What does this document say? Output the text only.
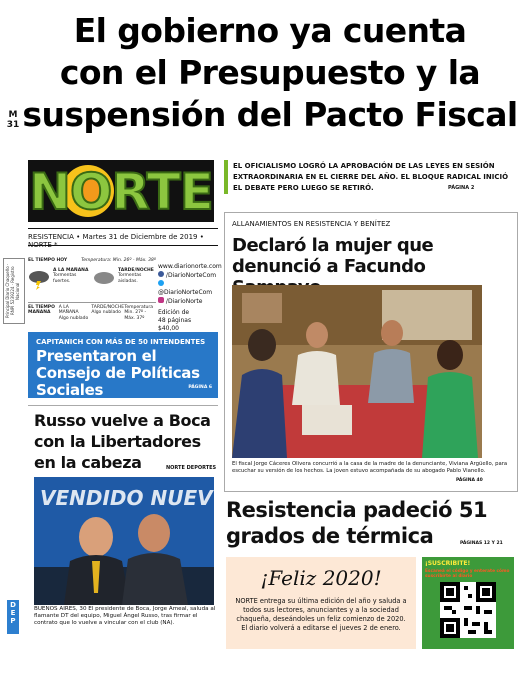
M
31
El gobierno ya cuenta
con el Presupuesto y la
suspensión del Pacto Fiscal
NORTE	EL OFICIALISMO LOGRÓ LA APROBACIÓN DE LAS LEYES EN SESIÓN EXTRAORDINARIA EN EL CIERRE DEL AÑO. EL BLOQUE RADICAL INICIÓ EL DEBATE PERO LUEGO SE RETIRÓ.	PÁGINA 2
RESISTENCIA • Martes 31 de Diciembre de 2019 • NORTE *
Principal Diario Chaqueño · RNPI 5239224 · Registro Nacional
EL TIEMPO HOY	Temperatura: Min. 26º - Máx. 38º
A LA MAÑANA
Tormentas fuertes.
TARDE/NOCHE
Tormentas aisladas.
EL TIEMPO MAÑANA
A LA MAÑANA Algo nublado
TARDE/NOCHE Algo nublado
Temperatura Min. 27º - Máx. 37º
www.diarionorte.com
/DiarioNorteCom
@DiarioNorteCom
/DiarioNorte
Edición de
48 páginas
$40,00
CAPITANICH CON MÁS DE 50 INTENDENTES
Presentaron el Consejo de Políticas Sociales	PÁGINA 6
Russo vuelve a Boca con la Libertadores en la cabeza	NORTE DEPORTES
VENDIDO NUEV
BUENOS AIRES, 30 El presidente de Boca, Jorge Ameal, saluda al flamante DT del equipo, Miguel Ángel Russo, tras firmar el contrato que lo vuelve a vincular con el club (NA).
D
E
P
ALLANAMIENTOS EN RESISTENCIA Y BENÍTEZ
Declaró la mujer que denunció a Facundo
El fiscal Jorge Cáceres Olivera concurrió a la casa de la madre de la denunciante, Viviana Argüello, para escuchar su versión de los hechos. La joven estuvo acompañada de su abogado Pablo Vianello.
PÁGINA 40
Resistencia padeció 51 grados de térmica	PÁGINAS 12 Y 21
¡Feliz 2020!
NORTE entrega su última edición del año y saluda a todos sus lectores, anunciantes y a la sociedad chaqueña, deseándoles un feliz comienzo de 2020. El diario volverá a editarse el jueves 2 de enero.
¡SUSCRIBITE!
Escaneá el código y enterate cómo suscribirte al diario
